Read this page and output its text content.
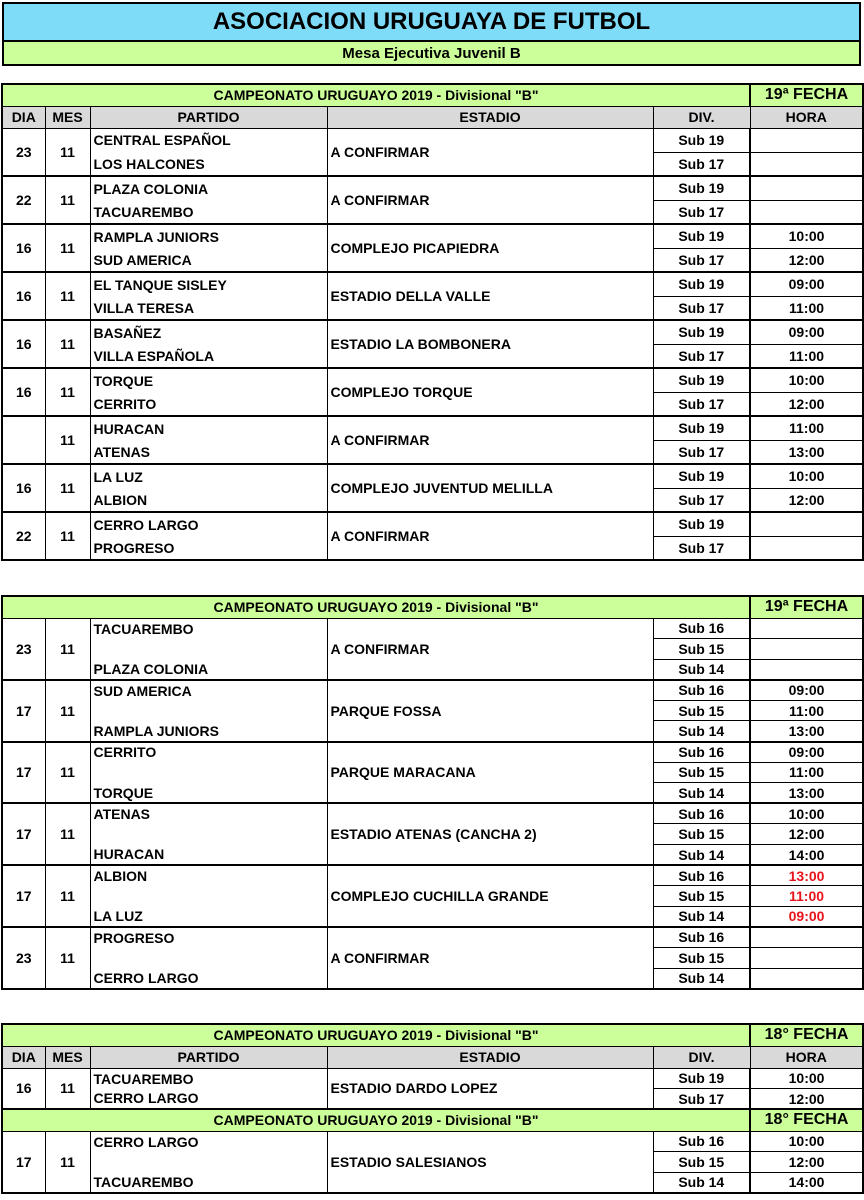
ASOCIACION URUGUAYA DE FUTBOL
Mesa Ejecutiva Juvenil B
CAMPEONATO URUGUAYO 2019 - Divisional "B"					19ª FECHA
DIA	MES	PARTIDO	ESTADIO	DIV.	HORA
23	11	CENTRAL ESPAÑOL	A CONFIRMAR	Sub 19	
		LOS HALCONES		Sub 17	
22	11	PLAZA COLONIA	A CONFIRMAR	Sub 19	
		TACUAREMBO		Sub 17	
16	11	RAMPLA JUNIORS	COMPLEJO PICAPIEDRA	Sub 19	10:00
		SUD AMERICA		Sub 17	12:00
16	11	EL TANQUE SISLEY	ESTADIO DELLA VALLE	Sub 19	09:00
		VILLA TERESA		Sub 17	11:00
16	11	BASAÑEZ	ESTADIO LA BOMBONERA	Sub 19	09:00
		VILLA ESPAÑOLA		Sub 17	11:00
16	11	TORQUE	COMPLEJO TORQUE	Sub 19	10:00
		CERRITO		Sub 17	12:00
	11	HURACAN	A CONFIRMAR	Sub 19	11:00
		ATENAS		Sub 17	13:00
16	11	LA LUZ	COMPLEJO JUVENTUD MELILLA	Sub 19	10:00
		ALBION		Sub 17	12:00
22	11	CERRO LARGO	A CONFIRMAR	Sub 19	
		PROGRESO		Sub 17	
CAMPEONATO URUGUAYO 2019 - Divisional "B"					19ª FECHA
23	11	TACUAREMBO	A CONFIRMAR	Sub 16	
				Sub 15	
		PLAZA COLONIA		Sub 14	
17	11	SUD AMERICA	PARQUE FOSSA	Sub 16	09:00
				Sub 15	11:00
		RAMPLA JUNIORS		Sub 14	13:00
17	11	CERRITO	PARQUE MARACANA	Sub 16	09:00
				Sub 15	11:00
		TORQUE		Sub 14	13:00
17	11	ATENAS	ESTADIO ATENAS (CANCHA 2)	Sub 16	10:00
				Sub 15	12:00
		HURACAN		Sub 14	14:00
17	11	ALBION	COMPLEJO CUCHILLA GRANDE	Sub 16	13:00
				Sub 15	11:00
		LA LUZ		Sub 14	09:00
23	11	PROGRESO	A CONFIRMAR	Sub 16	
				Sub 15	
		CERRO LARGO		Sub 14	
CAMPEONATO URUGUAYO 2019 - Divisional "B"					18° FECHA
DIA	MES	PARTIDO	ESTADIO	DIV.	HORA
16	11	TACUAREMBO	ESTADIO DARDO LOPEZ	Sub 19	10:00
		CERRO LARGO		Sub 17	12:00
CAMPEONATO URUGUAYO 2019 - Divisional "B"					18° FECHA
17	11	CERRO LARGO	ESTADIO SALESIANOS	Sub 16	10:00
				Sub 15	12:00
		TACUAREMBO		Sub 14	14:00
